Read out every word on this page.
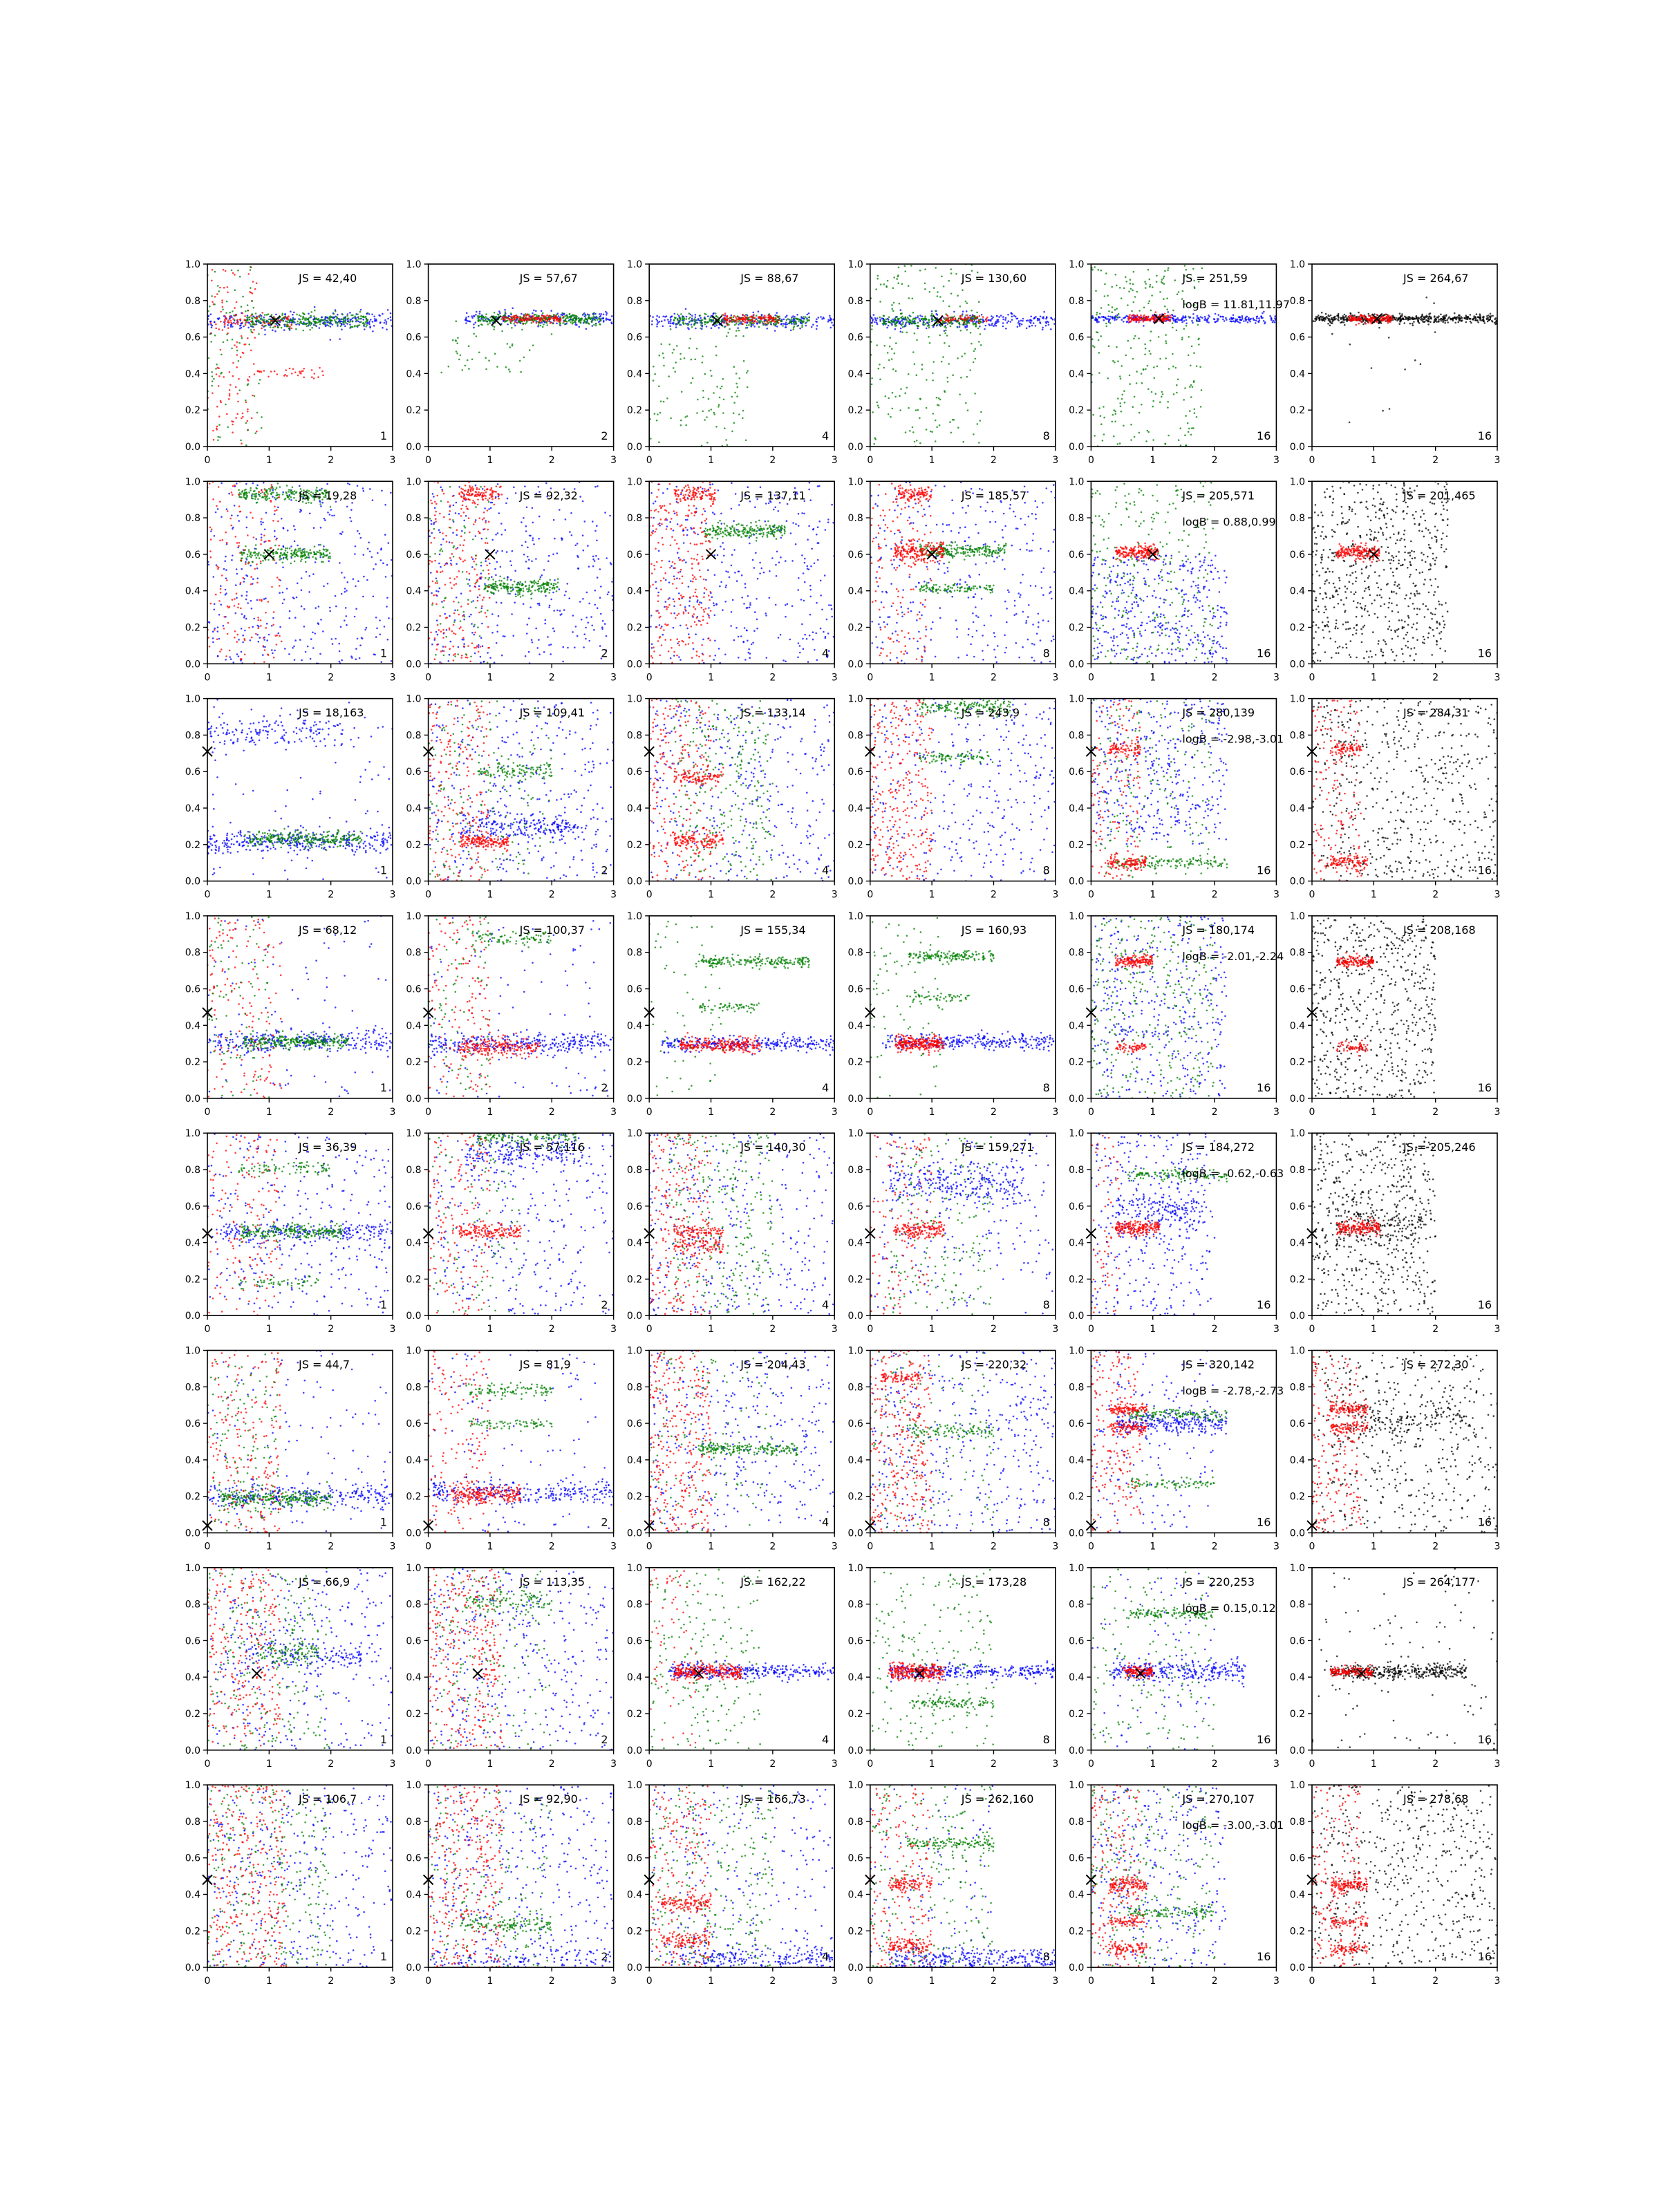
0	1	2	3
0.0
0.2
0.4
0.6
0.8
1.0
JS = 42,40
1
0	1	2	3
0.0
0.2
0.4
0.6
0.8
1.0
JS = 57,67
2
0	1	2	3
0.0
0.2
0.4
0.6
0.8
1.0
JS = 88,67
4
0	1	2	3
0.0
0.2
0.4
0.6
0.8
1.0
JS = 130,60
8
0	1	2	3
0.0
0.2
0.4
0.6
0.8
1.0
JS = 251,59
logB = 11.81,11.97
16
0	1	2	3
0.0
0.2
0.4
0.6
0.8
1.0
JS = 264,67
16
0	1	2	3
0.0
0.2
0.4
0.6
0.8
1.0
JS = 19,28
1
0	1	2	3
0.0
0.2
0.4
0.6
0.8
1.0
JS = 92,32
2
0	1	2	3
0.0
0.2
0.4
0.6
0.8
1.0
JS = 137,11
4
0	1	2	3
0.0
0.2
0.4
0.6
0.8
1.0
JS = 185,57
8
0	1	2	3
0.0
0.2
0.4
0.6
0.8
1.0
JS = 205,571
logB = 0.88,0.99
16
0	1	2	3
0.0
0.2
0.4
0.6
0.8
1.0
JS = 201,465
16
0	1	2	3
0.0
0.2
0.4
0.6
0.8
1.0
JS = 18,163
1
0	1	2	3
0.0
0.2
0.4
0.6
0.8
1.0
JS = 109,41
2
0	1	2	3
0.0
0.2
0.4
0.6
0.8
1.0
JS = 133,14
4
0	1	2	3
0.0
0.2
0.4
0.6
0.8
1.0
JS = 243,9
8
0	1	2	3
0.0
0.2
0.4
0.6
0.8
1.0
JS = 280,139
logB = -2.98,-3.01
16
0	1	2	3
0.0
0.2
0.4
0.6
0.8
1.0
JS = 284,31
16
0	1	2	3
0.0
0.2
0.4
0.6
0.8
1.0
JS = 68,12
1
0	1	2	3
0.0
0.2
0.4
0.6
0.8
1.0
JS = 100,37
2
0	1	2	3
0.0
0.2
0.4
0.6
0.8
1.0
JS = 155,34
4
0	1	2	3
0.0
0.2
0.4
0.6
0.8
1.0
JS = 160,93
8
0	1	2	3
0.0
0.2
0.4
0.6
0.8
1.0
JS = 180,174
logB = -2.01,-2.24
16
0	1	2	3
0.0
0.2
0.4
0.6
0.8
1.0
JS = 208,168
16
0	1	2	3
0.0
0.2
0.4
0.6
0.8
1.0
JS = 36,39
1
0	1	2	3
0.0
0.2
0.4
0.6
0.8
1.0
JS = 57,116
2
0	1	2	3
0.0
0.2
0.4
0.6
0.8
1.0
JS = 140,30
4
0	1	2	3
0.0
0.2
0.4
0.6
0.8
1.0
JS = 159,271
8
0	1	2	3
0.0
0.2
0.4
0.6
0.8
1.0
JS = 184,272
logB = -0.62,-0.63
16
0	1	2	3
0.0
0.2
0.4
0.6
0.8
1.0
JS = 205,246
16
0	1	2	3
0.0
0.2
0.4
0.6
0.8
1.0
JS = 44,7
1
0	1	2	3
0.0
0.2
0.4
0.6
0.8
1.0
JS = 81,9
2
0	1	2	3
0.0
0.2
0.4
0.6
0.8
1.0
JS = 204,43
4
0	1	2	3
0.0
0.2
0.4
0.6
0.8
1.0
JS = 220,32
8
0	1	2	3
0.0
0.2
0.4
0.6
0.8
1.0
JS = 320,142
logB = -2.78,-2.73
16
0	1	2	3
0.0
0.2
0.4
0.6
0.8
1.0
JS = 272,30
16
0	1	2	3
0.0
0.2
0.4
0.6
0.8
1.0
JS = 66,9
1
0	1	2	3
0.0
0.2
0.4
0.6
0.8
1.0
JS = 113,35
2
0	1	2	3
0.0
0.2
0.4
0.6
0.8
1.0
JS = 162,22
4
0	1	2	3
0.0
0.2
0.4
0.6
0.8
1.0
JS = 173,28
8
0	1	2	3
0.0
0.2
0.4
0.6
0.8
1.0
JS = 220,253
logB = 0.15,0.12
16
0	1	2	3
0.0
0.2
0.4
0.6
0.8
1.0
JS = 264,177
16
0	1	2	3
0.0
0.2
0.4
0.6
0.8
1.0
JS = 106,7
1
0	1	2	3
0.0
0.2
0.4
0.6
0.8
1.0
JS = 92,90
2
0	1	2	3
0.0
0.2
0.4
0.6
0.8
1.0
JS = 166,73
4
0	1	2	3
0.0
0.2
0.4
0.6
0.8
1.0
JS = 262,160
8
0	1	2	3
0.0
0.2
0.4
0.6
0.8
1.0
JS = 270,107
logB = -3.00,-3.01
16
0	1	2	3
0.0
0.2
0.4
0.6
0.8
1.0
JS = 278,68
16
